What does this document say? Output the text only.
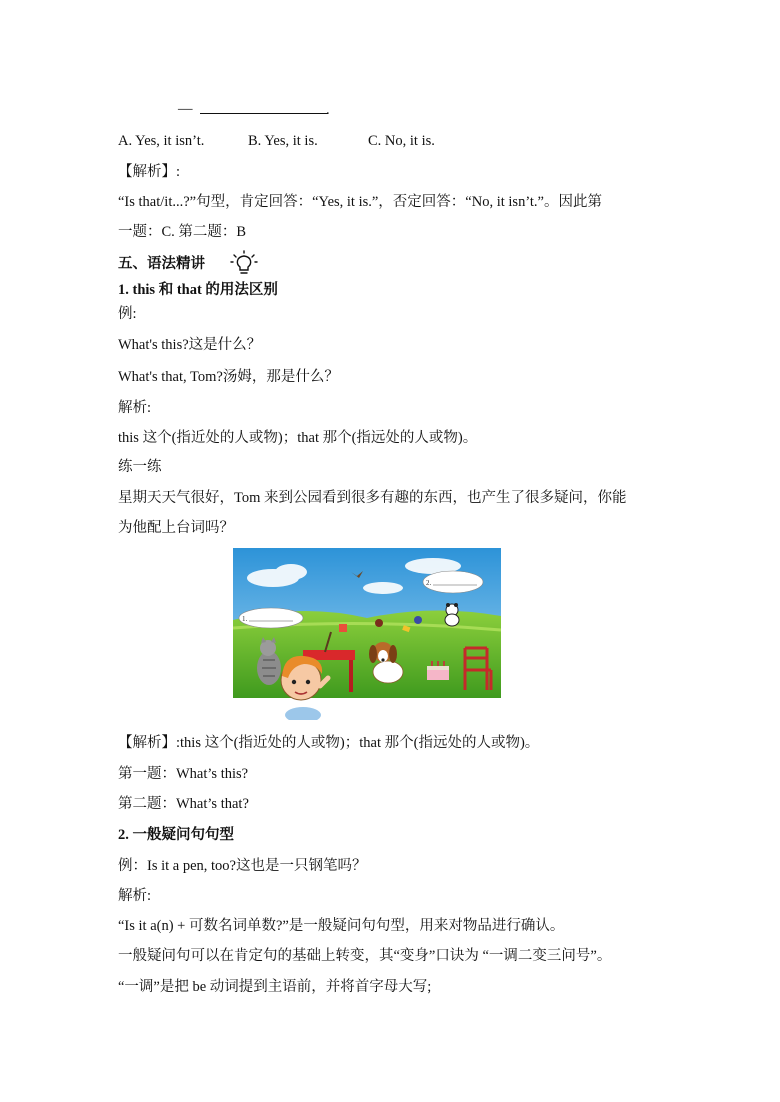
—	.
A. Yes, it isn’t.	B. Yes, it is.	C. No, it is.
【解析】:
“Is that/it...?”句型，肯定回答：“Yes, it is.”，否定回答：“No, it isn’t.”。因此第
一题：C. 第二题：B
五、语法精讲
1. this 和 that 的用法区别
例:
What's this?这是什么？
What's that, Tom?汤姆，那是什么？
解析:
this 这个(指近处的人或物)；that 那个(指远处的人或物)。
练一练
星期天天气很好，Tom 来到公园看到很多有趣的东西，也产生了很多疑问，你能
为他配上台词吗？
1.
2.
【解析】:this 这个(指近处的人或物)；that 那个(指远处的人或物)。
第一题：What’s this?
第二题：What’s that?
2. 一般疑问句句型
例：Is it a pen, too?这也是一只钢笔吗？
解析:
“Is it a(n) + 可数名词单数?”是一般疑问句句型，用来对物品进行确认。
一般疑问句可以在肯定句的基础上转变，其“变身”口诀为 “一调二变三问号”。
“一调”是把 be 动词提到主语前，并将首字母大写;
